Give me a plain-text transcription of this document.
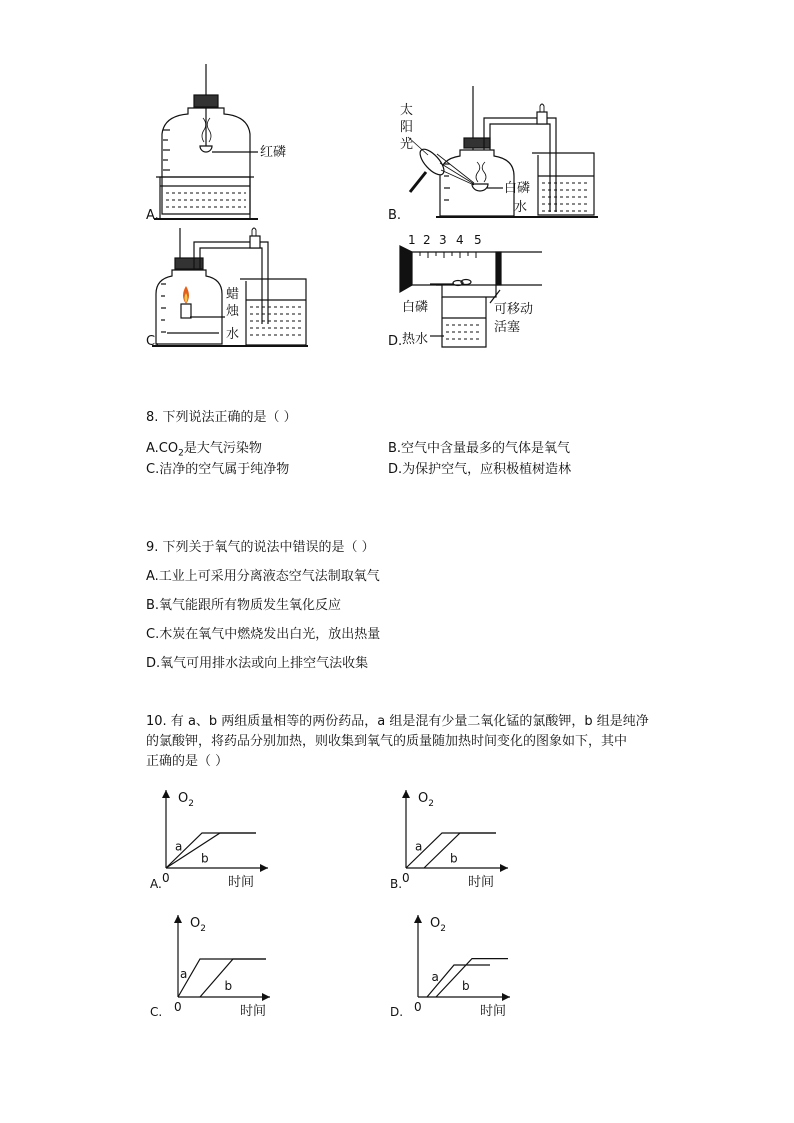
A.
红磷
B.
太
阳
光
白磷
水
C.
蜡
烛
水	D.
1 2 3 4 5
白磷
热水
可移动
活塞
8. 下列说法正确的是（ ）
$A.CO_2$是大气污染物	B.空气中含量最多的气体是氧气
C.洁净的空气属于纯净物	D.为保护空气，应积极植树造林
9. 下列关于氧气的说法中错误的是（ ）
A.工业上可采用分离液态空气法制取氧气
B.氧气能跟所有物质发生氧化反应
C.木炭在氧气中燃烧发出白光，放出热量
D.氧气可用排水法或向上排空气法收集
10. 有 a、b 两组质量相等的两份药品，a 组是混有少量二氧化锰的氯酸钾，b 组是纯净
的氯酸钾，将药品分别加热，则收集到氧气的质量随加热时间变化的图象如下，其中
正确的是（ ）
$O_2$
时间
0
A.
a
b
$O_2$
时间
0
B.
a
b
$O_2$
时间
0
C.
a
b
$O_2$
时间
0
D.
a
b
